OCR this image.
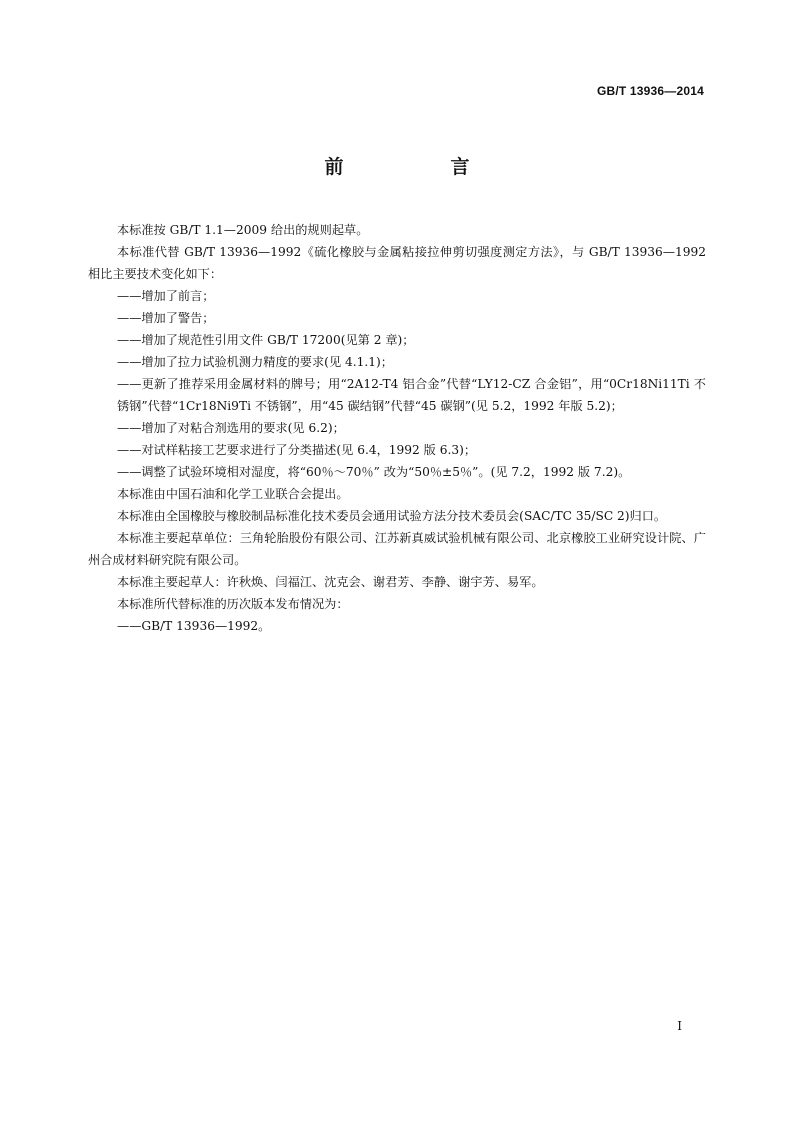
GB/T 13936—2014
前　言

本标准按 GB/T 1.1—2009 给出的规则起草。

本标准代替 GB/T 13936—1992《硫化橡胶与金属粘接拉伸剪切强度测定方法》，与 GB/T 13936—1992 相比主要技术变化如下：

——增加了前言；

——增加了警告；

——增加了规范性引用文件 GB/T 17200(见第 2 章)；

——增加了拉力试验机测力精度的要求(见 4.1.1)；

——更新了推荐采用金属材料的牌号；用“2A12-T4 铝合金”代替“LY12-CZ 合金铝”，用“0Cr18Ni11Ti 不锈钢”代替“1Cr18Ni9Ti 不锈钢”，用“45 碳结钢”代替“45 碳钢”(见 5.2，1992 年版 5.2)；

——增加了对粘合剂选用的要求(见 6.2)；

——对试样粘接工艺要求进行了分类描述(见 6.4，1992 版 6.3)；

——调整了试验环境相对湿度，将“60％～70％” 改为“50％±5％”。(见 7.2，1992 版 7.2)。

本标准由中国石油和化学工业联合会提出。

本标准由全国橡胶与橡胶制品标准化技术委员会通用试验方法分技术委员会(SAC/TC 35/SC 2)归口。

本标准主要起草单位：三角轮胎股份有限公司、江苏新真威试验机械有限公司、北京橡胶工业研究设计院、广州合成材料研究院有限公司。

本标准主要起草人：许秋焕、闫福江、沈克会、谢君芳、李静、谢宇芳、易军。

本标准所代替标准的历次版本发布情况为：

——GB/T 13936—1992。

I
